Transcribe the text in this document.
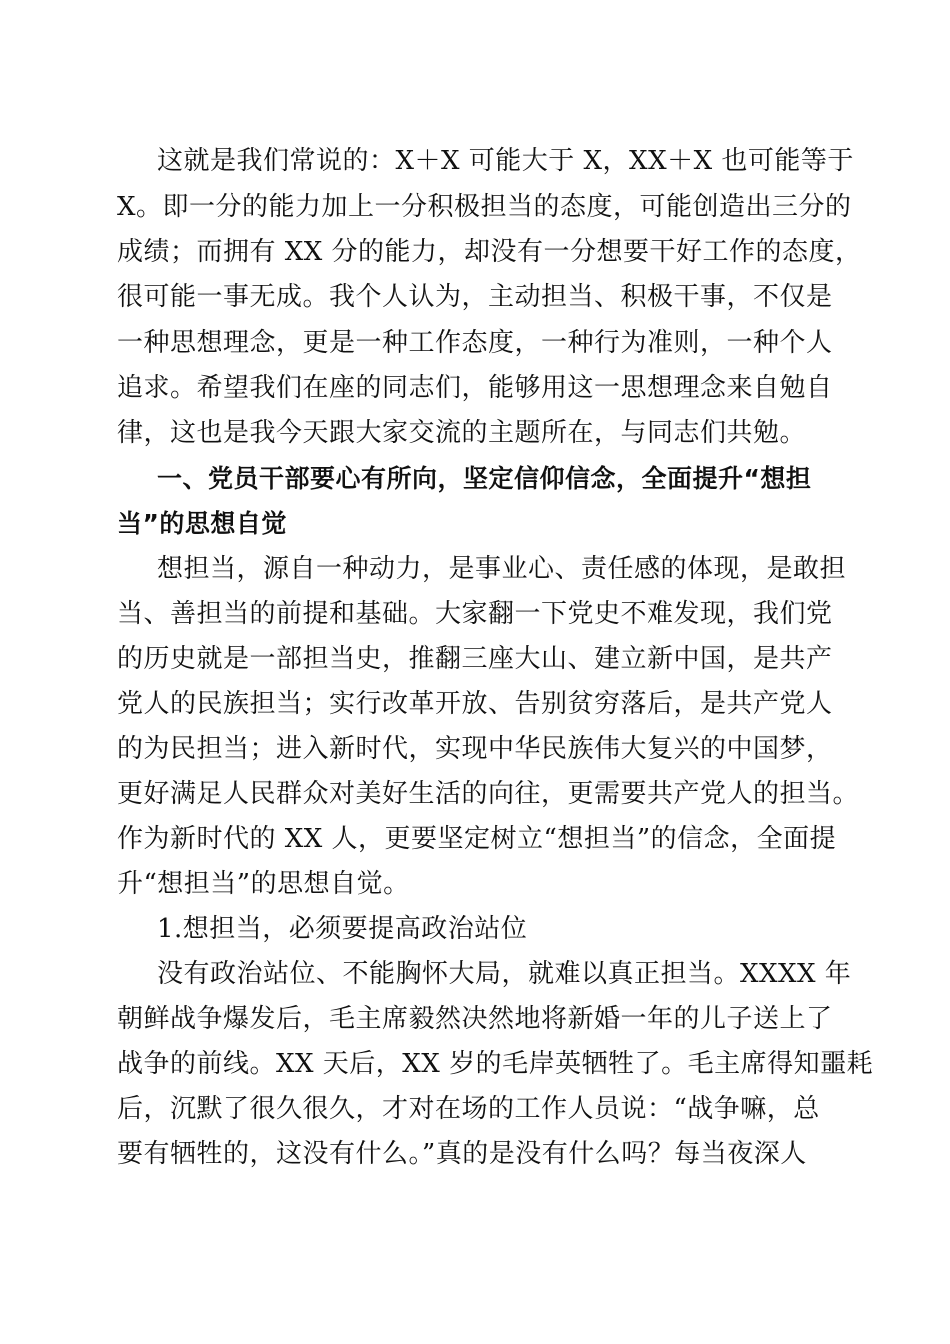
这就是我们常说的：X＋X 可能大于 X，XX＋X 也可能等于
X。即一分的能力加上一分积极担当的态度，可能创造出三分的
成绩；而拥有 XX 分的能力，却没有一分想要干好工作的态度，
很可能一事无成。我个人认为，主动担当、积极干事，不仅是
一种思想理念，更是一种工作态度，一种行为准则，一种个人
追求。希望我们在座的同志们，能够用这一思想理念来自勉自
律，这也是我今天跟大家交流的主题所在，与同志们共勉。
一、党员干部要心有所向，坚定信仰信念，全面提升“想担
当”的思想自觉
想担当，源自一种动力，是事业心、责任感的体现，是敢担
当、善担当的前提和基础。大家翻一下党史不难发现，我们党
的历史就是一部担当史，推翻三座大山、建立新中国，是共产
党人的民族担当；实行改革开放、告别贫穷落后，是共产党人
的为民担当；进入新时代，实现中华民族伟大复兴的中国梦，
更好满足人民群众对美好生活的向往，更需要共产党人的担当。
作为新时代的 XX 人，更要坚定树立“想担当”的信念，全面提
升“想担当”的思想自觉。
1.想担当，必须要提高政治站位
没有政治站位、不能胸怀大局，就难以真正担当。XXXX 年
朝鲜战争爆发后，毛主席毅然决然地将新婚一年的儿子送上了
战争的前线。XX 天后，XX 岁的毛岸英牺牲了。毛主席得知噩耗
后，沉默了很久很久，才对在场的工作人员说：“战争嘛，总
要有牺牲的，这没有什么。”真的是没有什么吗？每当夜深人
